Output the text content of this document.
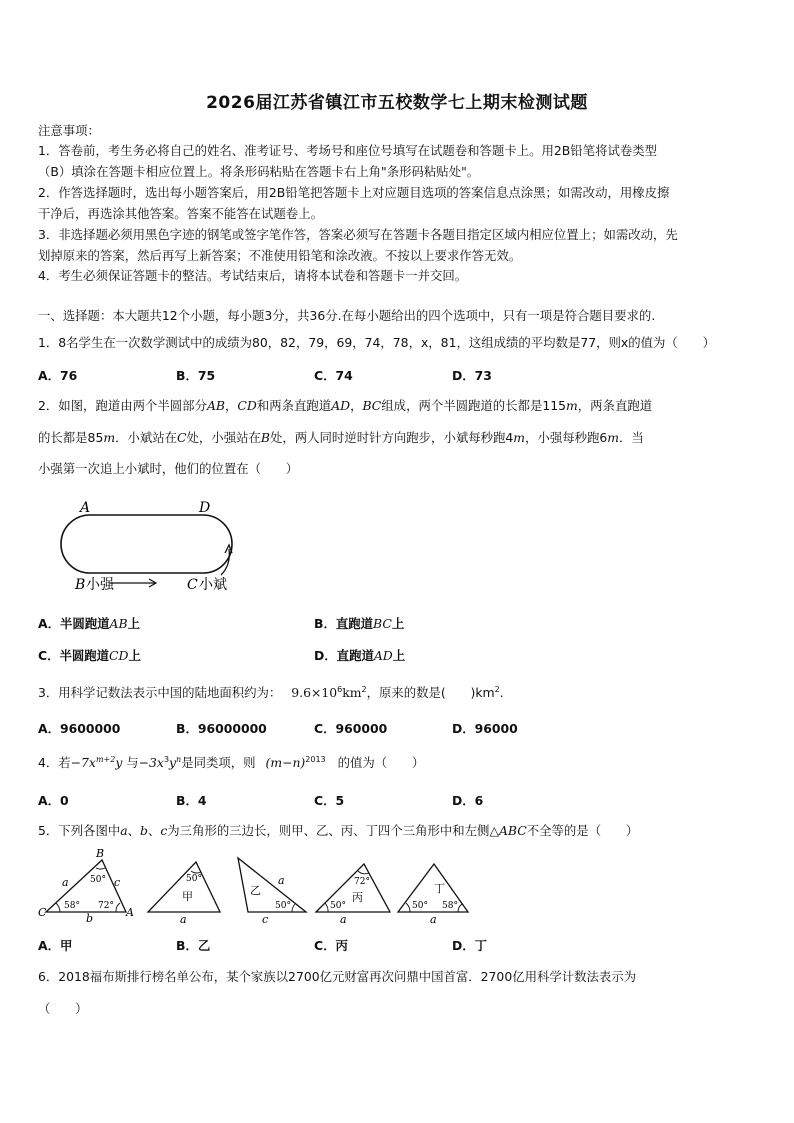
2026届江苏省镇江市五校数学七上期末检测试题
注意事项：
1．答卷前，考生务必将自己的姓名、准考证号、考场号和座位号填写在试题卷和答题卡上。用2B铅笔将试卷类型
（B）填涂在答题卡相应位置上。将条形码粘贴在答题卡右上角"条形码粘贴处"。
2．作答选择题时，选出每小题答案后，用2B铅笔把答题卡上对应题目选项的答案信息点涂黑；如需改动，用橡皮擦
干净后，再选涂其他答案。答案不能答在试题卷上。
3．非选择题必须用黑色字迹的钢笔或签字笔作答，答案必须写在答题卡各题目指定区域内相应位置上；如需改动，先
划掉原来的答案，然后再写上新答案；不准使用铅笔和涂改液。不按以上要求作答无效。
4．考生必须保证答题卡的整洁。考试结束后，请将本试卷和答题卡一并交回。
一、选择题：本大题共12个小题，每小题3分，共36分.在每小题给出的四个选项中，只有一项是符合题目要求的.
1．8名学生在一次数学测试中的成绩为80，82，79，69，74，78，x，81，这组成绩的平均数是77，则x的值为（　　）
A．76	B．75	C．74	D．73
2．如图，跑道由两个半圆部分AB，CD和两条直跑道AD，BC组成，两个半圆跑道的长都是115m，两条直跑道
的长都是85m．小斌站在C处，小强站在B处，两人同时逆时针方向跑步，小斌每秒跑4m，小强每秒跑6m．当
小强第一次追上小斌时，他们的位置在（　　）
A	D
B 小强	C 小斌
A．半圆跑道AB上	B．直跑道BC上
C．半圆跑道CD上	D．直跑道AD上
3．用科学记数法表示中国的陆地面积约为： $9.6\times 10^6km^2$，原来的数是(　　)$km^2$.
A．9600000	B．96000000	C．960000	D．96000
4．若$-7x^{m+2}y$ 与$-3x^3y^n$是同类项，则 $(m-n)^{2013}$ 的值为（　　）
A．0	B．4	C．5	D．6
5．下列各图中a、b、c为三角形的三边长，则甲、乙、丙、丁四个三角形中和左侧△ABC不全等的是（　　）
B
C	A
a	c
b
50°
58° 72°
50°
甲
a
50°
乙
a
c
72°
50°
丙
a
50° 58°
丁
a
A．甲	B．乙	C．丙	D．丁
6．2018福布斯排行榜名单公布，某个家族以2700亿元财富再次问鼎中国首富．2700亿用科学计数法表示为
（　　）
